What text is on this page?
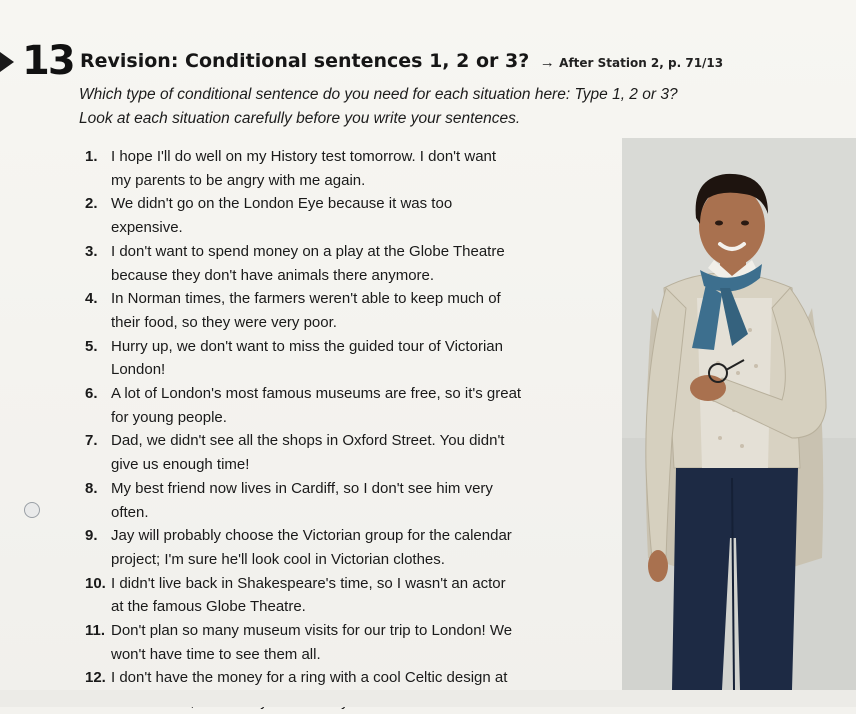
13 Revision: Conditional sentences 1, 2 or 3? → After Station 2, p. 71/13
Which type of conditional sentence do you need for each situation here: Type 1, 2 or 3?
Look at each situation carefully before you write your sentences.
1. I hope I'll do well on my History test tomorrow. I don't want
my parents to be angry with me again.
2. We didn't go on the London Eye because it was too
expensive.
3. I don't want to spend money on a play at the Globe Theatre
because they don't have animals there anymore.
4. In Norman times, the farmers weren't able to keep much of
their food, so they were very poor.
5. Hurry up, we don't want to miss the guided tour of Victorian
London!
6. A lot of London's most famous museums are free, so it's great
for young people.
7. Dad, we didn't see all the shops in Oxford Street. You didn't
give us enough time!
8. My best friend now lives in Cardiff, so I don't see him very
often.
9. Jay will probably choose the Victorian group for the calendar
project; I'm sure he'll look cool in Victorian clothes.
10. I didn't live back in Shakespeare's time, so I wasn't an actor
at the famous Globe Theatre.
11. Don't plan so many museum visits for our trip to London! We
won't have time to see them all.
12. I don't have the money for a ring with a cool Celtic design at
